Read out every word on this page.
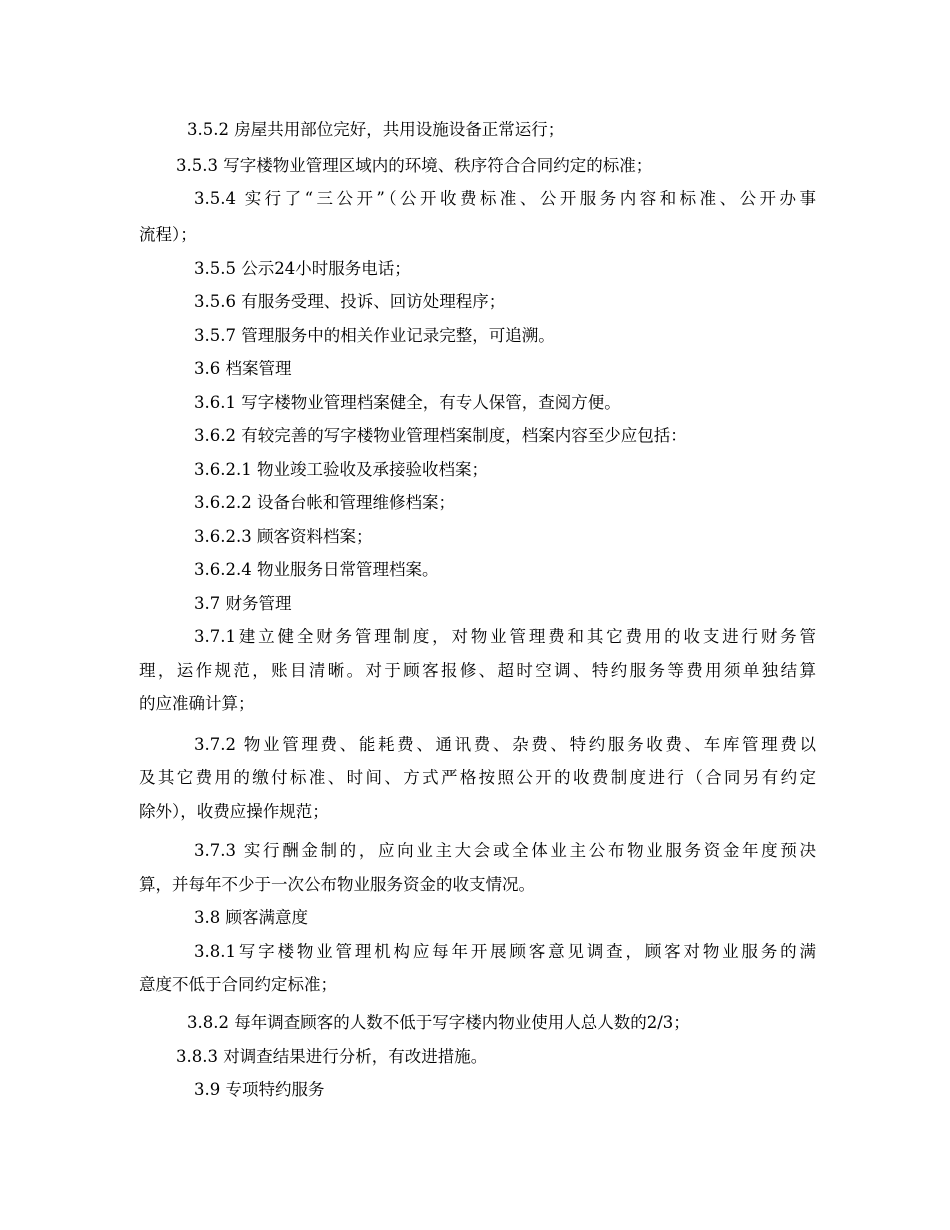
3.5.2 房屋共用部位完好，共用设施设备正常运行；
3.5.3 写字楼物业管理区域内的环境、秩序符合合同约定的标准；
3.5.4 实行了“三公开”（公开收费标准、公开服务内容和标准、公开办事
流程）；
3.5.5 公示24小时服务电话；
3.5.6 有服务受理、投诉、回访处理程序；
3.5.7 管理服务中的相关作业记录完整，可追溯。
3.6 档案管理
3.6.1 写字楼物业管理档案健全，有专人保管，查阅方便。
3.6.2 有较完善的写字楼物业管理档案制度，档案内容至少应包括：
3.6.2.1 物业竣工验收及承接验收档案；
3.6.2.2 设备台帐和管理维修档案；
3.6.2.3 顾客资料档案；
3.6.2.4 物业服务日常管理档案。
3.7 财务管理
3.7.1建立健全财务管理制度，对物业管理费和其它费用的收支进行财务管
理，运作规范，账目清晰。对于顾客报修、超时空调、特约服务等费用须单独结算
的应准确计算；
3.7.2 物业管理费、能耗费、通讯费、杂费、特约服务收费、车库管理费以
及其它费用的缴付标准、时间、方式严格按照公开的收费制度进行（合同另有约定
除外），收费应操作规范；
3.7.3 实行酬金制的，应向业主大会或全体业主公布物业服务资金年度预决
算，并每年不少于一次公布物业服务资金的收支情况。
3.8 顾客满意度
3.8.1写字楼物业管理机构应每年开展顾客意见调查，顾客对物业服务的满
意度不低于合同约定标准；
3.8.2 每年调查顾客的人数不低于写字楼内物业使用人总人数的2/3；
3.8.3 对调查结果进行分析，有改进措施。
3.9 专项特约服务
